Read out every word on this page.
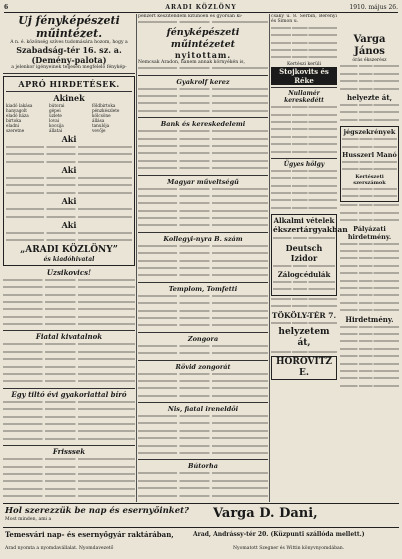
6	ARADI KÖZLÖNY	1910. május 26.

Uj fényképészeti műintézet.

A n. é. közönség szíves tudomására hozom, hogy a

Szabadság-tér 16. sz. a. (Demény-palota)

a jelenkor igényeinek teljesen megfelelő fénykép-

APRÓ HIRDETÉSEK.

Akinek

kiadó lakása
hanyagolt
eladó háza
birtoka
eladni
szeretne
bútorai
gépei
üzlete
lovai
kocsija
állatai
földbirtoka
pénzkészlete
kölcsöne
állása
tanulója
vevője

Aki

Aki

Aki

Aki

„ARADI KÖZLÖNY”

és kiadóhivatal

Uzsikovics!

Fiatal kivatalnok

Egy tiltó évi gyakorlattal bíró

Frisssek

pénzért készítendem kitűnően és gyorsan ki-

fényképészeti műintézetet

nyitottam.

Nemcsak Aradon, hanem annak környékén is,

Gyakrolf kerez

Bank és kereskedelemi

Magyar műveltségű

Kollegyi-nyra B. szám

Templom, Tomfetti

Zongora

Rövid zongorát

Nis, fiatal ireneldöi

Bútorha

csáky u. 8. Serbín, Berényi és Simon u.

Kertészi kerüli

Stojkovits és Réke

Nullamér kereskedétt

Ügyes hölgy

Alkalmi vételek

ékszertárgyakban

Deutsch Izidor

Zálogcédulák

TÖKÖLY-TÉR 7.

helyzetem át,

HOROVITZ E.

Varga János

órás ékszerész

helyezte át,

jégszekrények

Husszerl Manó

Kertészeti szerszámok

Pályázati hirdetmény.

Hirdetmény.

Hol szerezzük be nap és esernyőinket?
Most minden, ami a	Varga D. Dani,
Temesvári nap- és esernyőgyár raktárában,	Arad, Andrássy-tér 20. (Küzpunti szállóda mellett.)
Arad nyomta a nyomdavállalat. Nyomdavezető	Nyomatott Szegner és Wittin könyvnyomdában.
